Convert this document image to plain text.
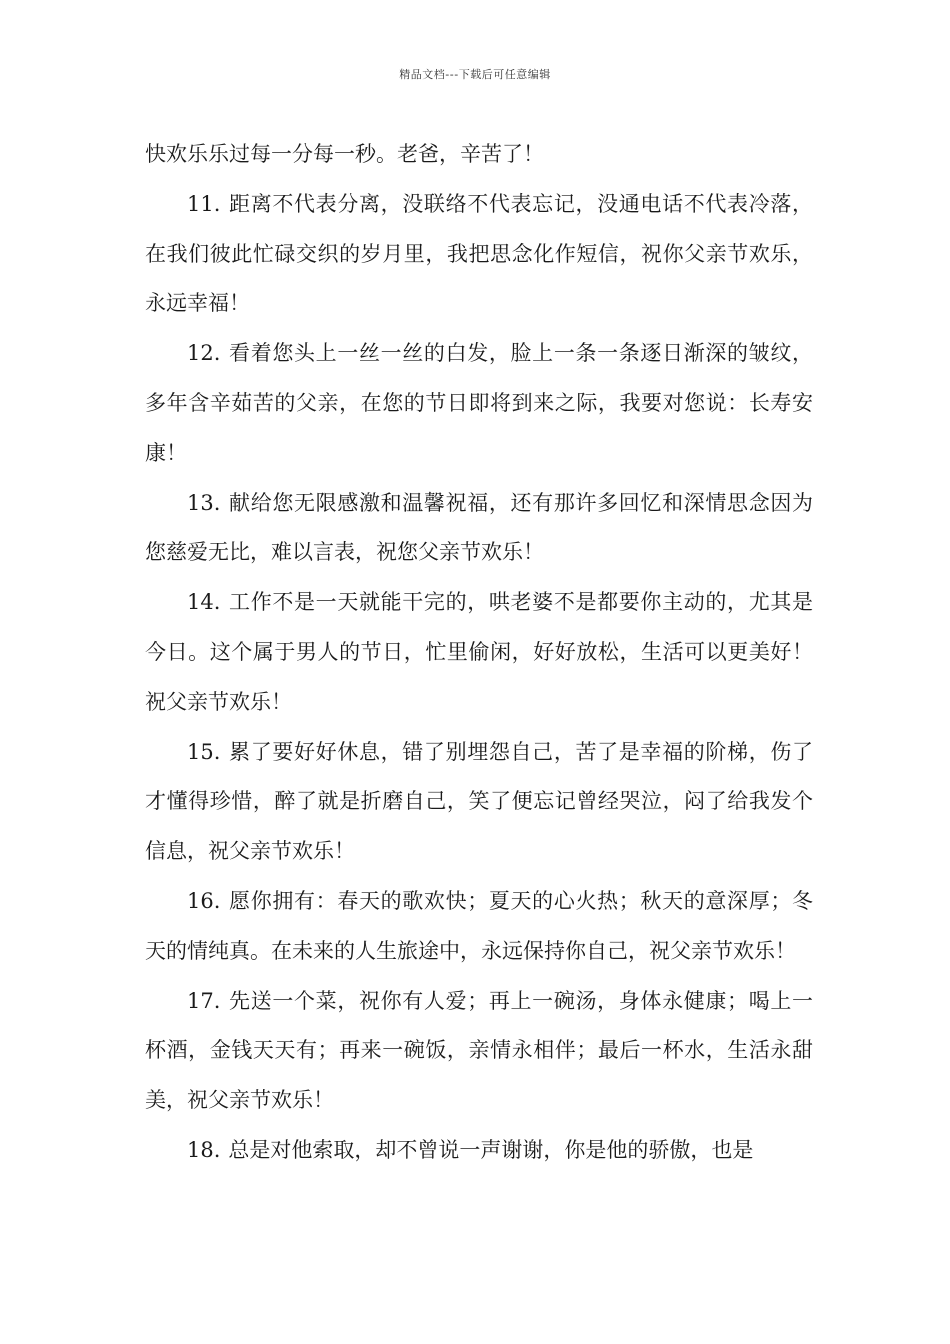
精品文档---下载后可任意编辑

快欢乐乐过每一分每一秒。老爸，辛苦了！

11. 距离不代表分离，没联络不代表忘记，没通电话不代表冷落，在我们彼此忙碌交织的岁月里，我把思念化作短信，祝你父亲节欢乐，永远幸福！

12. 看着您头上一丝一丝的白发，脸上一条一条逐日渐深的皱纹，多年含辛茹苦的父亲，在您的节日即将到来之际，我要对您说：长寿安康！

13. 献给您无限感激和温馨祝福，还有那许多回忆和深情思念因为您慈爱无比，难以言表，祝您父亲节欢乐！

14. 工作不是一天就能干完的，哄老婆不是都要你主动的，尤其是今日。这个属于男人的节日，忙里偷闲，好好放松，生活可以更美好！祝父亲节欢乐！

15. 累了要好好休息，错了别埋怨自己，苦了是幸福的阶梯，伤了才懂得珍惜，醉了就是折磨自己，笑了便忘记曾经哭泣，闷了给我发个信息，祝父亲节欢乐！

16. 愿你拥有：春天的歌欢快；夏天的心火热；秋天的意深厚；冬天的情纯真。在未来的人生旅途中，永远保持你自己，祝父亲节欢乐！

17. 先送一个菜，祝你有人爱；再上一碗汤，身体永健康；喝上一杯酒，金钱天天有；再来一碗饭，亲情永相伴；最后一杯水，生活永甜美，祝父亲节欢乐！

18. 总是对他索取，却不曾说一声谢谢，你是他的骄傲，也是
